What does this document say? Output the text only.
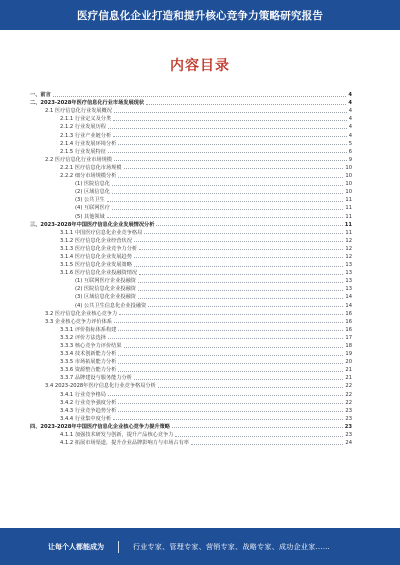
医疗信息化企业打造和提升核心竞争力策略研究报告
内容目录
一、前言	4
二、2023-2028年医疗信息化行业市场发展现状	4
2.1 医疗信息化行业发展概况	4
2.1.1 行业定义及分类	4
2.1.2 行业发展历程	4
2.1.3 行业产业链分析	4
2.1.4 行业发展环境分析	5
2.1.5 行业发展特征	6
2.2 医疗信息化行业市场规模	9
2.2.1 医疗信息化市场规模	10
2.2.2 细分市场规模分析	10
(1) 医院信息化	10
(2) 区域信息化	10
(3) 公共卫生	11
(4) 互联网医疗	11
(5) 其他领域	11
三、2023-2028年中国医疗信息化企业发展情况分析	11
3.1.1 中国医疗信息化企业竞争格局	11
3.1.2 医疗信息化企业经营状况	12
3.1.3 医疗信息化企业竞争力分析	12
3.1.4 医疗信息化企业发展趋势	12
3.1.5 医疗信息化企业发展策略	13
3.1.6 医疗信息化企业投融资情况	13
(1) 互联网医疗企业投融资	13
(2) 医院信息化企业投融资	13
(3) 区域信息化企业投融资	14
(4) 公共卫生信息化企业投融资	14
3.2 医疗信息化企业核心竞争力	16
3.3 企业核心竞争力评价体系	16
3.3.1 评价指标体系构建	16
3.3.2 评价方法选择	17
3.3.3 核心竞争力评价结果	18
3.3.4 技术创新能力分析	19
3.3.5 市场拓展能力分析	20
3.3.6 资源整合能力分析	21
3.3.7 品牌建设与服务能力分析	21
3.4 2023-2028年医疗信息化行业竞争格局分析	22
3.4.1 行业竞争格局	22
3.4.2 行业竞争强度分析	22
3.4.3 行业竞争趋势分析	23
3.4.4 行业集中度分析	23
四、2023-2028年中国医疗信息化企业核心竞争力提升策略	23
4.1.1 加强技术研发与创新，提升产品核心竞争力	23
4.1.2 拓展市场渠道，提升企业品牌影响力与市场占有率	24
让每个人都能成为	行业专家、管理专家、营销专家、战略专家、成功企业家……
